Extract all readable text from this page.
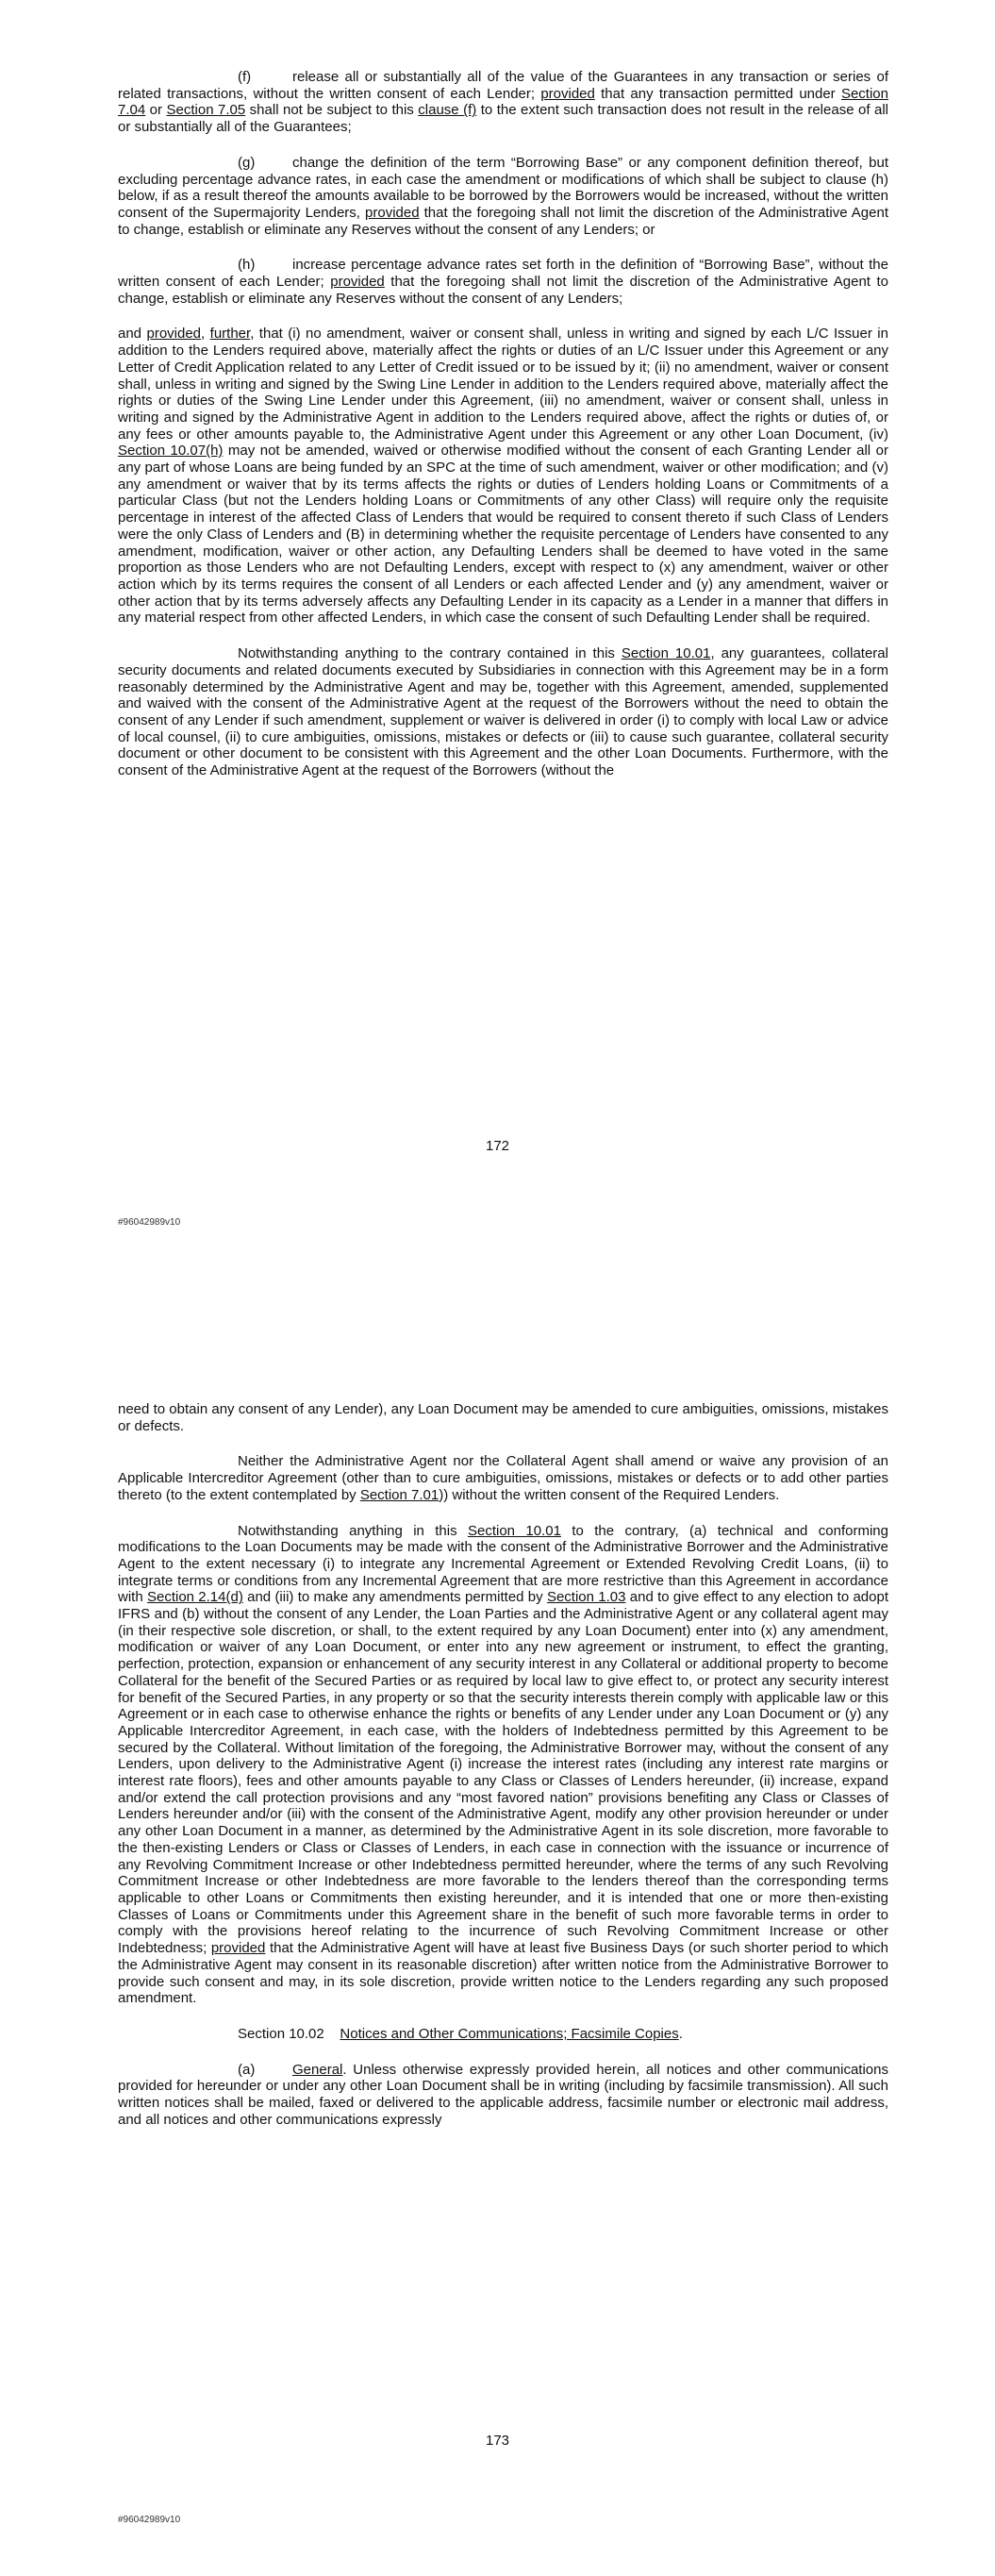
(f)	release all or substantially all of the value of the Guarantees in any transaction or series of related transactions, without the written consent of each Lender; provided that any transaction permitted under Section 7.04 or Section 7.05 shall not be subject to this clause (f) to the extent such transaction does not result in the release of all or substantially all of the Guarantees;

(g)	change the definition of the term “Borrowing Base” or any component definition thereof, but excluding percentage advance rates, in each case the amendment or modifications of which shall be subject to clause (h) below, if as a result thereof the amounts available to be borrowed by the Borrowers would be increased, without the written consent of the Supermajority Lenders, provided that the foregoing shall not limit the discretion of the Administrative Agent to change, establish or eliminate any Reserves without the consent of any Lenders; or

(h)	increase percentage advance rates set forth in the definition of “Borrowing Base”, without the written consent of each Lender; provided that the foregoing shall not limit the discretion of the Administrative Agent to change, establish or eliminate any Reserves without the consent of any Lenders;

and provided, further, that (i) no amendment, waiver or consent shall, unless in writing and signed by each L/C Issuer in addition to the Lenders required above, materially affect the rights or duties of an L/C Issuer under this Agreement or any Letter of Credit Application related to any Letter of Credit issued or to be issued by it; (ii) no amendment, waiver or consent shall, unless in writing and signed by the Swing Line Lender in addition to the Lenders required above, materially affect the rights or duties of the Swing Line Lender under this Agreement, (iii) no amendment, waiver or consent shall, unless in writing and signed by the Administrative Agent in addition to the Lenders required above, affect the rights or duties of, or any fees or other amounts payable to, the Administrative Agent under this Agreement or any other Loan Document, (iv) Section 10.07(h) may not be amended, waived or otherwise modified without the consent of each Granting Lender all or any part of whose Loans are being funded by an SPC at the time of such amendment, waiver or other modification; and (v) any amendment or waiver that by its terms affects the rights or duties of Lenders holding Loans or Commitments of a particular Class (but not the Lenders holding Loans or Commitments of any other Class) will require only the requisite percentage in interest of the affected Class of Lenders that would be required to consent thereto if such Class of Lenders were the only Class of Lenders and (B) in determining whether the requisite percentage of Lenders have consented to any amendment, modification, waiver or other action, any Defaulting Lenders shall be deemed to have voted in the same proportion as those Lenders who are not Defaulting Lenders, except with respect to (x) any amendment, waiver or other action which by its terms requires the consent of all Lenders or each affected Lender and (y) any amendment, waiver or other action that by its terms adversely affects any Defaulting Lender in its capacity as a Lender in a manner that differs in any material respect from other affected Lenders, in which case the consent of such Defaulting Lender shall be required.

Notwithstanding anything to the contrary contained in this Section 10.01, any guarantees, collateral security documents and related documents executed by Subsidiaries in connection with this Agreement may be in a form reasonably determined by the Administrative Agent and may be, together with this Agreement, amended, supplemented and waived with the consent of the Administrative Agent at the request of the Borrowers without the need to obtain the consent of any Lender if such amendment, supplement or waiver is delivered in order (i) to comply with local Law or advice of local counsel, (ii) to cure ambiguities, omissions, mistakes or defects or (iii) to cause such guarantee, collateral security document or other document to be consistent with this Agreement and the other Loan Documents. Furthermore, with the consent of the Administrative Agent at the request of the Borrowers (without the

172
#96042989v10

need to obtain any consent of any Lender), any Loan Document may be amended to cure ambiguities, omissions, mistakes or defects.

Neither the Administrative Agent nor the Collateral Agent shall amend or waive any provision of an Applicable Intercreditor Agreement (other than to cure ambiguities, omissions, mistakes or defects or to add other parties thereto (to the extent contemplated by Section 7.01)) without the written consent of the Required Lenders.

Notwithstanding anything in this Section 10.01 to the contrary, (a) technical and conforming modifications to the Loan Documents may be made with the consent of the Administrative Borrower and the Administrative Agent to the extent necessary (i) to integrate any Incremental Agreement or Extended Revolving Credit Loans, (ii) to integrate terms or conditions from any Incremental Agreement that are more restrictive than this Agreement in accordance with Section 2.14(d) and (iii) to make any amendments permitted by Section 1.03 and to give effect to any election to adopt IFRS and (b) without the consent of any Lender, the Loan Parties and the Administrative Agent or any collateral agent may (in their respective sole discretion, or shall, to the extent required by any Loan Document) enter into (x) any amendment, modification or waiver of any Loan Document, or enter into any new agreement or instrument, to effect the granting, perfection, protection, expansion or enhancement of any security interest in any Collateral or additional property to become Collateral for the benefit of the Secured Parties or as required by local law to give effect to, or protect any security interest for benefit of the Secured Parties, in any property or so that the security interests therein comply with applicable law or this Agreement or in each case to otherwise enhance the rights or benefits of any Lender under any Loan Document or (y) any Applicable Intercreditor Agreement, in each case, with the holders of Indebtedness permitted by this Agreement to be secured by the Collateral. Without limitation of the foregoing, the Administrative Borrower may, without the consent of any Lenders, upon delivery to the Administrative Agent (i) increase the interest rates (including any interest rate margins or interest rate floors), fees and other amounts payable to any Class or Classes of Lenders hereunder, (ii) increase, expand and/or extend the call protection provisions and any “most favored nation” provisions benefiting any Class or Classes of Lenders hereunder and/or (iii) with the consent of the Administrative Agent, modify any other provision hereunder or under any other Loan Document in a manner, as determined by the Administrative Agent in its sole discretion, more favorable to the then-existing Lenders or Class or Classes of Lenders, in each case in connection with the issuance or incurrence of any Revolving Commitment Increase or other Indebtedness permitted hereunder, where the terms of any such Revolving Commitment Increase or other Indebtedness are more favorable to the lenders thereof than the corresponding terms applicable to other Loans or Commitments then existing hereunder, and it is intended that one or more then-existing Classes of Loans or Commitments under this Agreement share in the benefit of such more favorable terms in order to comply with the provisions hereof relating to the incurrence of such Revolving Commitment Increase or other Indebtedness; provided that the Administrative Agent will have at least five Business Days (or such shorter period to which the Administrative Agent may consent in its reasonable discretion) after written notice from the Administrative Borrower to provide such consent and may, in its sole discretion, provide written notice to the Lenders regarding any such proposed amendment.

Section 10.02 Notices and Other Communications; Facsimile Copies.

(a)	General. Unless otherwise expressly provided herein, all notices and other communications provided for hereunder or under any other Loan Document shall be in writing (including by facsimile transmission). All such written notices shall be mailed, faxed or delivered to the applicable address, facsimile number or electronic mail address, and all notices and other communications expressly

173
#96042989v10
